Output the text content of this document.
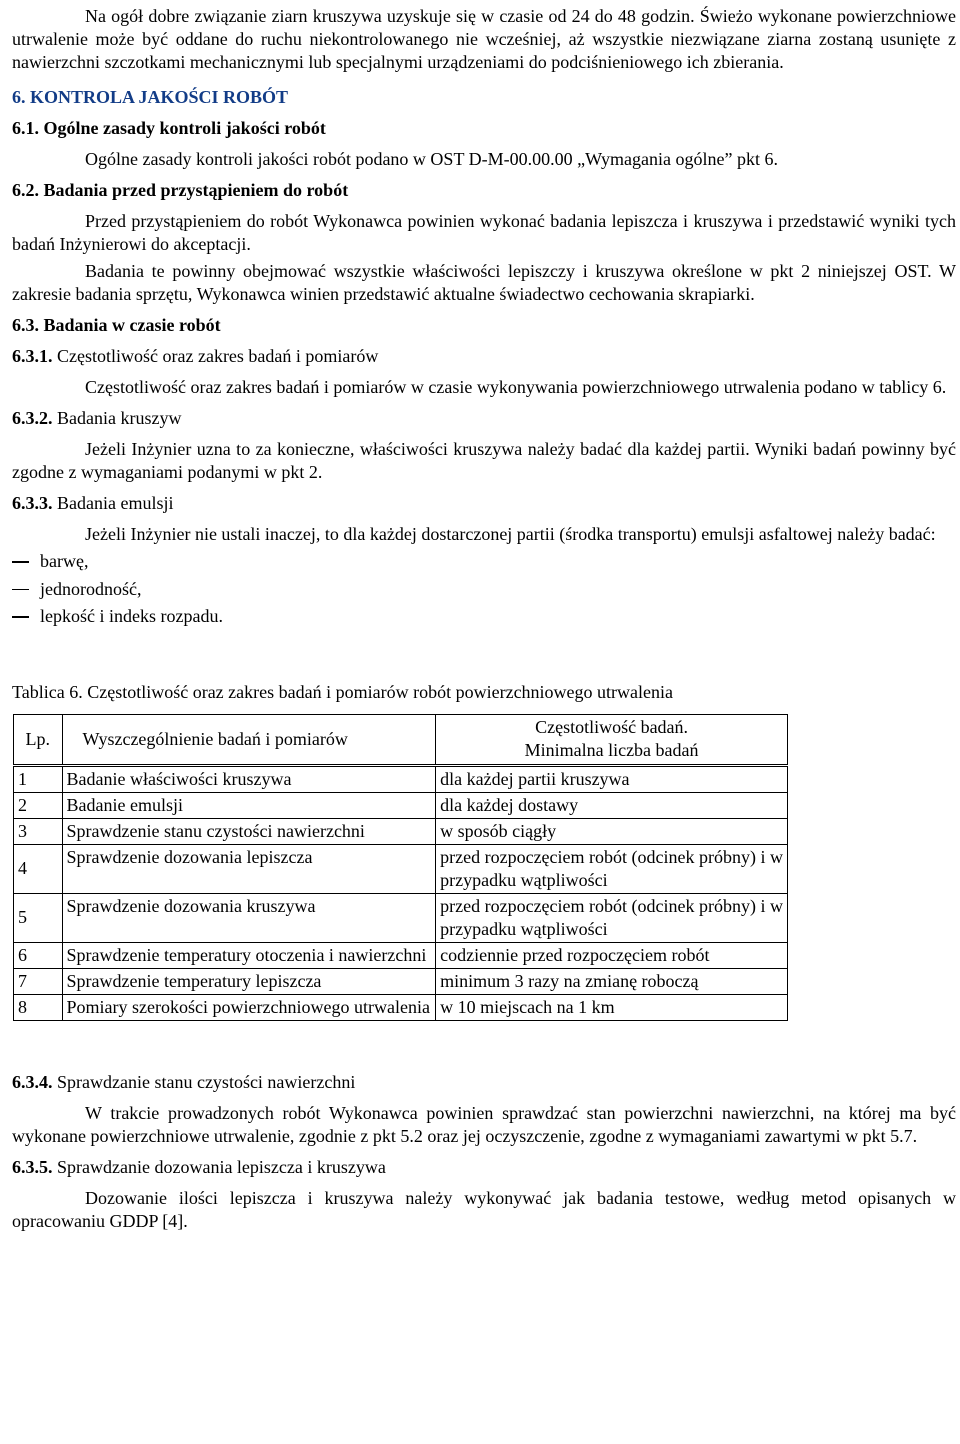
Na ogół dobre związanie ziarn kruszywa uzyskuje się w czasie od 24 do 48 godzin. Świeżo wykonane powierzchniowe utrwalenie może być oddane do ruchu niekontrolowanego nie wcześniej, aż wszystkie niezwiązane ziarna zostaną usunięte z nawierzchni szczotkami mechanicznymi lub specjalnymi urządzeniami do podciśnieniowego ich zbierania.

6. KONTROLA JAKOŚCI ROBÓT

6.1. Ogólne zasady kontroli jakości robót

Ogólne zasady kontroli jakości robót podano w OST D-M-00.00.00 „Wymagania ogólne” pkt 6.

6.2. Badania przed przystąpieniem do robót

Przed przystąpieniem do robót Wykonawca powinien wykonać badania lepiszcza i kruszywa i przedstawić wyniki tych badań Inżynierowi do akceptacji.

Badania te powinny obejmować wszystkie właściwości lepiszczy i kruszywa określone w pkt 2 niniejszej OST. W zakresie badania sprzętu, Wykonawca winien przedstawić aktualne świadectwo cechowania skrapiarki.

6.3. Badania w czasie robót

6.3.1. Częstotliwość oraz zakres badań i pomiarów

Częstotliwość oraz zakres badań i pomiarów w czasie wykonywania powierzchniowego utrwalenia podano w tablicy 6.

6.3.2. Badania kruszyw

Jeżeli Inżynier uzna to za konieczne, właściwości kruszywa należy badać dla każdej partii. Wyniki badań powinny być zgodne z wymaganiami podanymi w pkt 2.

6.3.3. Badania emulsji

Jeżeli Inżynier nie ustali inaczej, to dla każdej dostarczonej partii (środka transportu) emulsji asfaltowej należy badać:

barwę,
jednorodność,
lepkość i indeks rozpadu.

Tablica 6. Częstotliwość oraz zakres badań i pomiarów robót powierzchniowego utrwalenia

Lp.	Wyszczególnienie badań i pomiarów	Częstotliwość badań.
Minimalna liczba badań

1	Badanie właściwości kruszywa	dla każdej partii kruszywa
2	Badanie emulsji	dla każdej dostawy
3	Sprawdzenie stanu czystości nawierzchni	w sposób ciągły
4	Sprawdzenie dozowania lepiszcza	przed rozpoczęciem robót (odcinek próbny) i w przypadku wątpliwości
5	Sprawdzenie dozowania kruszywa	przed rozpoczęciem robót (odcinek próbny) i w przypadku wątpliwości
6	Sprawdzenie temperatury otoczenia i nawierzchni	codziennie przed rozpoczęciem robót
7	Sprawdzenie temperatury lepiszcza	minimum 3 razy na zmianę roboczą
8	Pomiary szerokości powierzchniowego utrwalenia	w 10 miejscach na 1 km

6.3.4. Sprawdzanie stanu czystości nawierzchni

W trakcie prowadzonych robót Wykonawca powinien sprawdzać stan powierzchni nawierzchni, na której ma być wykonane powierzchniowe utrwalenie, zgodnie z pkt 5.2 oraz jej oczyszczenie, zgodne z wymaganiami zawartymi w pkt 5.7.

6.3.5. Sprawdzanie dozowania lepiszcza i kruszywa

Dozowanie ilości lepiszcza i kruszywa należy wykonywać jak badania testowe, według metod opisanych w opracowaniu GDDP [4].
